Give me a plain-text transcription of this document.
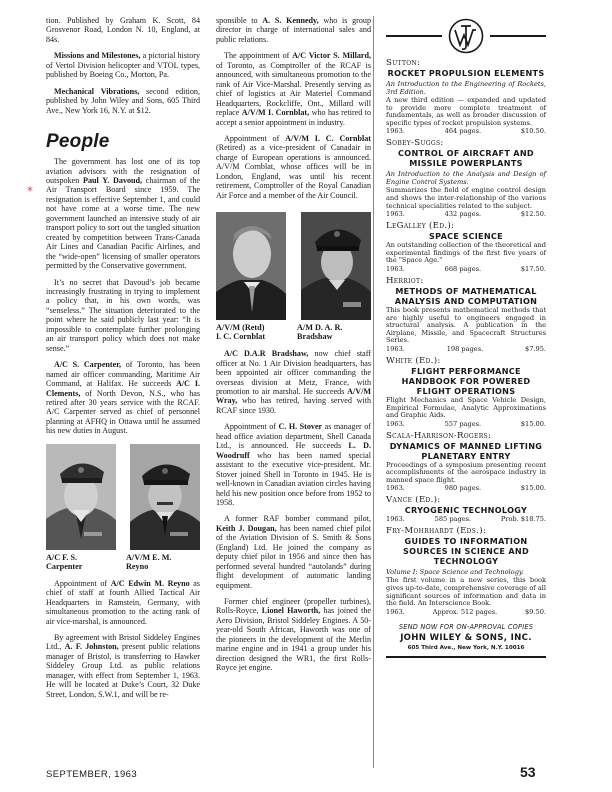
tion. Published by Graham K. Scott, 84 Grosvenor Road, London N. 10, England, at 84s.

Missions and Milestones, a pictorial history of Vertol Division helicopter and VTOL types, published by Boeing Co., Morton, Pa.

Mechanical Vibrations, second edition, published by John Wiley and Sons, 605 Third Ave., New York 16, N.Y. at $12.

People

The government has lost one of its top aviation advisors with the resignation of outspoken Paul Y. Davoud, chairman of the Air Transport Board since 1959. The resignation is effective September 1, and could not have come at a worse time. The new government launched an intensive study of air transport policy to sort out the tangled situation created by competition between Trans-Canada Air Lines and Canadian Pacific Airlines, and the “wide-open” licensing of smaller operators permitted by the Conservative government.

It’s no secret that Davoud’s job became increasingly frustrating in trying to implement a policy that, in his own words, was “senseless.” The situation deteriorated to the point where he said publicly last year: “It is impossible to contemplate further prolonging an air transport policy which does not make sense.”

A/C S. Carpenter, of Toronto, has been named air officer commanding, Maritime Air Command, at Halifax. He succeeds A/C I. Clements, of North Devon, N.S., who has retired after 30 years service with the RCAF. A/C Carpenter served as chief of personnel planning at AFHQ in Ottawa until he assumed his new duties in August.

A/C F. S.
Carpenter
A/V/M E. M.
Reyno

Appointment of A/C Edwin M. Reyno as chief of staff at fourth Allied Tactical Air Headquarters in Ramstein, Germany, with simultaneous promotion to the acting rank of air vice-marshal, is announced.

By agreement with Bristol Siddeley Engines Ltd., A. F. Johnston, present public relations manager of Bristol, is transferring to Hawker Siddeley Group Ltd. as public relations manager, with effect from September 1, 1963. He will be located at Duke’s Court, 32 Duke Street, London, S.W.1, and will be re-

*

sponsible to A. S. Kennedy, who is group director in charge of international sales and public relations.

The appointment of A/C Victor S. Millard, of Toronto, as Comptroller of the RCAF is announced, with simultaneous promotion to the rank of Air Vice-Marshal. Presently serving as chief of logistics at Air Materiel Command Headquarters, Rockcliffe, Ont., Millard will replace A/V/M I. Cornblat, who has retired to accept a senior appointment in industry.

Appointment of A/V/M I. C. Cornblat (Retired) as a vice-president of Canadair in charge of European operations is announced. A/V/M Cornblat, whose offices will be in London, England, was until his recent retirement, Comptroller of the Royal Canadian Air Force and a member of the Air Council.

A/V/M (Retd)
I. C. Cornblat
A/M D. A. R.
Bradshaw

A/C D.A.R Bradshaw, now chief staff officer at No. 1 Air Division headquarters, has been appointed air officer commanding the overseas division at Metz, France, with promotion to air marshal. He succeeds A/V/M Wray, who has retired, having served with RCAF since 1930.

Appointment of C. H. Stover as manager of head office aviation department, Shell Canada Ltd., is announced. He succeeds L. D. Woodruff who has been named special assistant to the executive vice-president. Mr. Stover joined Shell in Toronto in 1945. He is well-known in Canadian aviation circles having held his new position once before from 1952 to 1958.

A former RAF bomber command pilot, Keith J. Dougan, has been named chief pilot of the Aviation Division of S. Smith & Sons (England) Ltd. He joined the company as deputy chief pilot in 1956 and since then has performed several hundred “autolands” during flight development of automatic landing equipment.

Former chief engineer (propeller turbines), Rolls-Royce, Lionel Haworth, has joined the Aero Division, Bristol Siddeley Engines. A 50-year-old South African, Haworth was one of the pioneers in the development of the Merlin marine engine and in 1941 a group under his direction designed the WR1, the first Rolls-Royce jet engine.

Sutton:
ROCKET PROPULSION ELEMENTS
An Introduction to the Engineering of Rockets, 3rd Edition.
A new third edition — expanded and updated to provide more complete treatment of fundamentals, as well as broader discussion of specific types of rocket propulsion systems.
1963.	464 pages.	$10.50.
Sobey-Suggs:
CONTROL OF AIRCRAFT AND MISSILE POWERPLANTS
An Introduction to the Analysis and Design of Engine Control Systems.
Summarizes the field of engine control design and shows the inter-relationship of the various technical specialities related to the subject.
1963.	432 pages.	$12.50.
LeGalley (Ed.):
SPACE SCIENCE
An outstanding collection of the theoretical and experimental findings of the first five years of the "Space Age."
1963.	668 pages.	$17.50.
Herriot:
METHODS OF MATHEMATICAL ANALYSIS AND COMPUTATION
This book presents mathematical methods that are highly useful to engineers engaged in structural analysis. A publication in the Airplane, Missile, and Spacecraft Structures Series.
1963.	198 pages.	$7.95.
White (Ed.):
FLIGHT PERFORMANCE HANDBOOK FOR POWERED FLIGHT OPERATIONS
Flight Mechanics and Space Vehicle Design, Empirical Formulae, Analytic Approximations and Graphic Aids.
1963.	557 pages.	$15.00.
Scala-Harrison-Rogers:
DYNAMICS OF MANNED LIFTING PLANETARY ENTRY
Proceedings of a symposium presenting recent accomplishments of the aerospace industry in manned space flight.
1963.	980 pages.	$15.00.
Vance (Ed.):
CRYOGENIC TECHNOLOGY
1963.	585 pages.	Prob. $18.75.
Fry-Mohrhardt (Eds.):
GUIDES TO INFORMATION SOURCES IN SCIENCE AND TECHNOLOGY
Volume I: Space Science and Technology.
The first volume in a new series, this book gives up-to-date, comprehensive coverage of all significant sources of information and data in the field. An Interscience Book.
1963.	Approx. 512 pages.	$9.50.
SEND NOW FOR ON-APPROVAL COPIES
JOHN WILEY & SONS, INC.
605 Third Ave., New York, N.Y. 10016
SEPTEMBER, 1963	53
